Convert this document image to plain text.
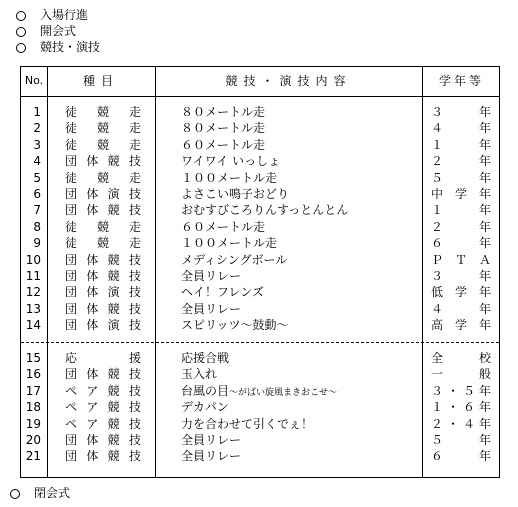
入場行進
開会式
競技・演技
No.	種目	競技・演技内容	学年等
1 徒競走	８０メートル走	３ 年
2 徒競走	８０メートル走	４ 年
3 徒競走	６０メートル走	１ 年
4 団体競技	ワイワイ いっしょ	２ 年
5 徒競走	１００メートル走	５ 年
6 団体演技	よさこい鳴子おどり	中学年
7 団体競技	おむすびころりんすっとんとん	１ 年
8 徒競走	６０メートル走	２ 年
9 徒競走	１００メートル走	６ 年
10 団体競技	メディシングボール	ＰＴＡ
11 団体競技	全員リレー	３ 年
12 団体演技	ヘイ！フレンズ	低学年
13 団体競技	全員リレー	４ 年
14 団体演技	スピリッツ～鼓動～	高学年
15 応援	応援合戦	全 校
16 団体競技	玉入れ	一 般
17 ペア競技	台風の目～がばい旋風まきおこせ～	３・５年
18 ペア競技	デカパン	１・６年
19 ペア競技	力を合わせて引くでぇ！	２・４年
20 団体競技	全員リレー	５ 年
21 団体競技	全員リレー	６ 年
閉会式
